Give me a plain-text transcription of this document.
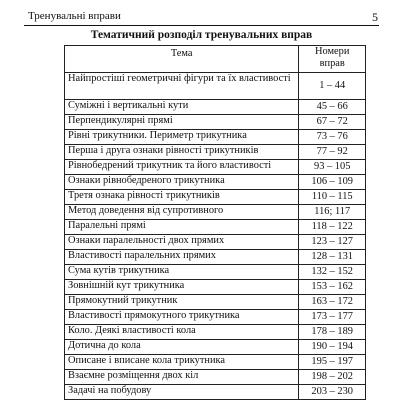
Тренувальні вправи	5
Тематичний розподіл тренувальних вправ
Тема	Номери вправ
Найпростіші геометричні фігури та їх властивості	1 – 44
Суміжні і вертикальні кути	45 – 66
Перпендикулярні прямі	67 – 72
Рівні трикутники. Периметр трикутника	73 – 76
Перша і друга ознаки рівності трикутників	77 – 92
Рівнобедрений трикутник та його властивості	93 – 105
Ознаки рівнобедреного трикутника	106 – 109
Третя ознака рівності трикутників	110 – 115
Метод доведення від супротивного	116; 117
Паралельні прямі	118 – 122
Ознаки паралельності двох прямих	123 – 127
Властивості паралельних прямих	128 – 131
Сума кутів трикутника	132 – 152
Зовнішній кут трикутника	153 – 162
Прямокутний трикутник	163 – 172
Властивості прямокутного трикутника	173 – 177
Коло. Деякі властивості кола	178 – 189
Дотична до кола	190 – 194
Описане і вписане кола трикутника	195 – 197
Взаємне розміщення двох кіл	198 – 202
Задачі на побудову	203 – 230
